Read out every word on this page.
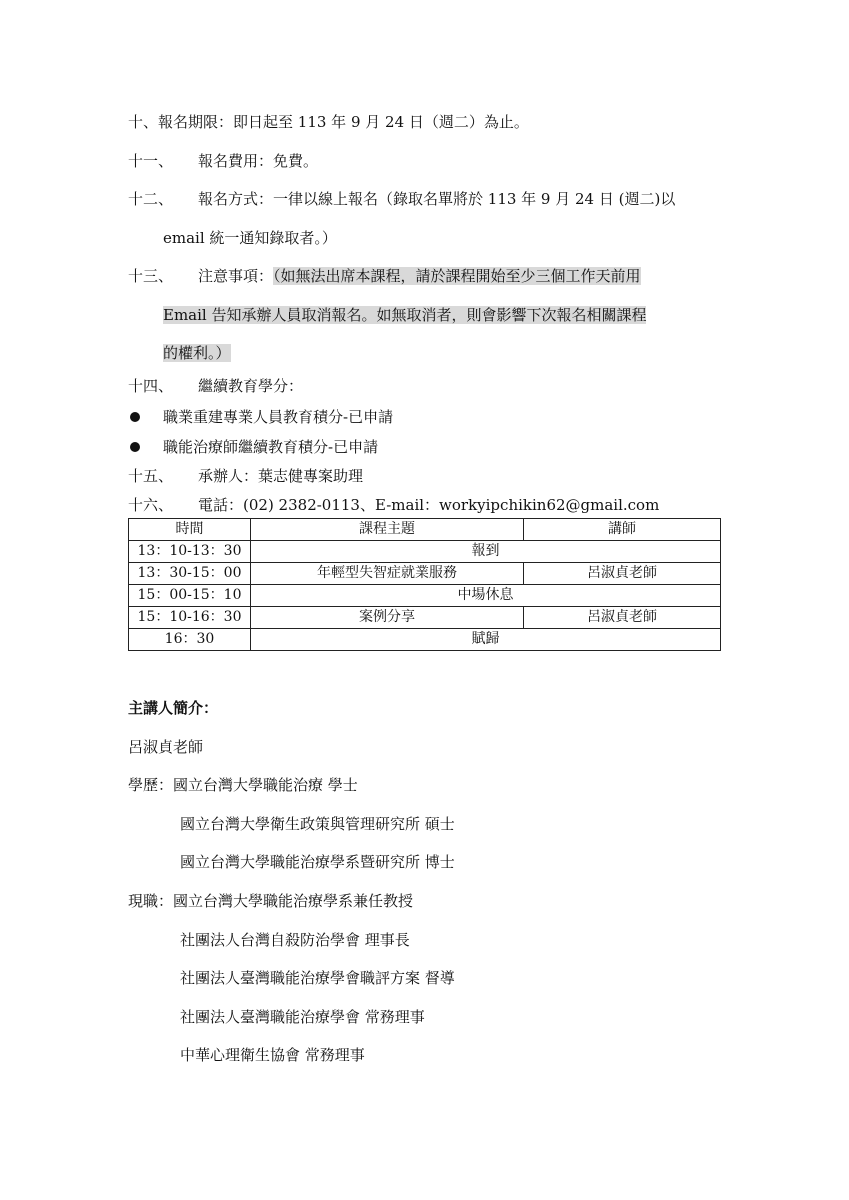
十、報名期限：即日起至 113 年 9 月 24 日（週二）為止。
十一、 報名費用：免費。
十二、 報名方式：一律以線上報名（錄取名單將於 113 年 9 月 24 日 (週二)以
email 統一通知錄取者。）
十三、 注意事項：（如無法出席本課程，請於課程開始至少三個工作天前用
Email 告知承辦人員取消報名。如無取消者，則會影響下次報名相關課程
的權利。）
十四、 繼續教育學分：
職業重建專業人員教育積分-已申請
職能治療師繼續教育積分-已申請
十五、 承辦人：葉志健專案助理
十六、 電話：(02) 2382-0113、E-mail：workyipchikin62@gmail.com
時間	課程主題	講師
13：10-13：30	報到	
13：30-15：00	年輕型失智症就業服務	呂淑貞老師
15：00-15：10	中場休息	
15：10-16：30	案例分享	呂淑貞老師
16：30	賦歸	
主講人簡介：
呂淑貞老師
學歷：國立台灣大學職能治療 學士
國立台灣大學衛生政策與管理研究所 碩士
國立台灣大學職能治療學系暨研究所 博士
現職：國立台灣大學職能治療學系兼任教授
社團法人台灣自殺防治學會 理事長
社團法人臺灣職能治療學會職評方案 督導
社團法人臺灣職能治療學會 常務理事
中華心理衛生協會 常務理事
